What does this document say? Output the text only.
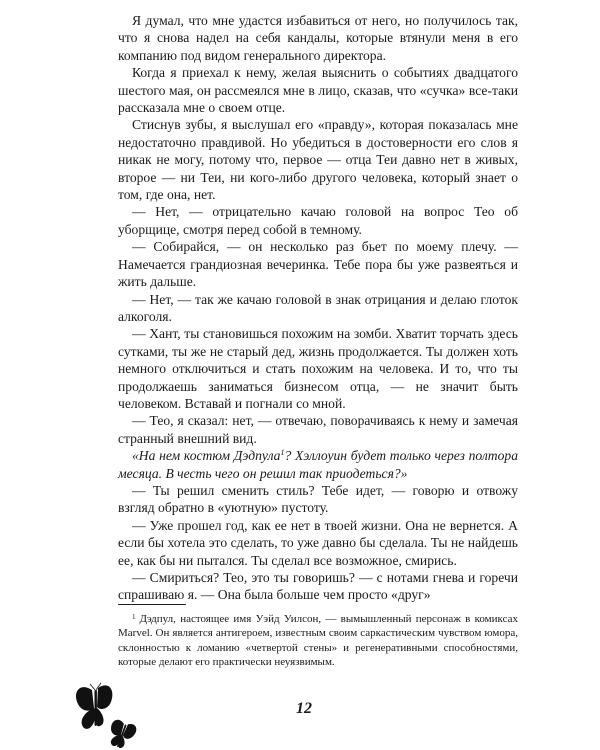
Я думал, что мне удастся избавиться от него, но получилось так, что я снова надел на себя кандалы, которые втянули меня в его компанию под видом генерального директора.

Когда я приехал к нему, желая выяснить о событиях двадцатого шестого мая, он рассмеялся мне в лицо, сказав, что «сучка» все-таки рассказала мне о своем отце.

Стиснув зубы, я выслушал его «правду», которая показалась мне недостаточно правдивой. Но убедиться в достоверности его слов я никак не могу, потому что, первое — отца Теи давно нет в живых, второе — ни Теи, ни кого-либо другого человека, который знает о том, где она, нет.

— Нет, — отрицательно качаю головой на вопрос Тео об уборщице, смотря перед собой в темному.

— Собирайся, — он несколько раз бьет по моему плечу. — Намечается грандиозная вечеринка. Тебе пора бы уже развеяться и жить дальше.

— Нет, — так же качаю головой в знак отрицания и делаю глоток алкоголя.

— Хант, ты становишься похожим на зомби. Хватит торчать здесь сутками, ты же не старый дед, жизнь продолжается. Ты должен хоть немного отключиться и стать похожим на человека. И то, что ты продолжаешь заниматься бизнесом отца, — не значит быть человеком. Вставай и погнали со мной.

— Тео, я сказал: нет, — отвечаю, поворачиваясь к нему и замечая странный внешний вид.

«На нем костюм Дэдпула$^1$? Хэллоуин будет только через полтора месяца. В честь чего он решил так приодеться?»

— Ты решил сменить стиль? Тебе идет, — говорю и отвожу взгляд обратно в «уютную» пустоту.

— Уже прошел год, как ее нет в твоей жизни. Она не вернется. А если бы хотела это сделать, то уже давно бы сделала. Ты не найдешь ее, как бы ни пытался. Ты сделал все возможное, смирись.

— Смириться? Тео, это ты говоришь? — с нотами гнева и горечи спрашиваю я. — Она была больше чем просто «друг»

$^1$ Дэдпул, настоящее имя Уэйд Уилсон, — вымышленный персонаж в комиксах Marvel. Он является антигероем, известным своим саркастическим чувством юмора, склонностью к ломанию «четвертой стены» и регенеративными способностями, которые делают его практически неуязвимым.
12
